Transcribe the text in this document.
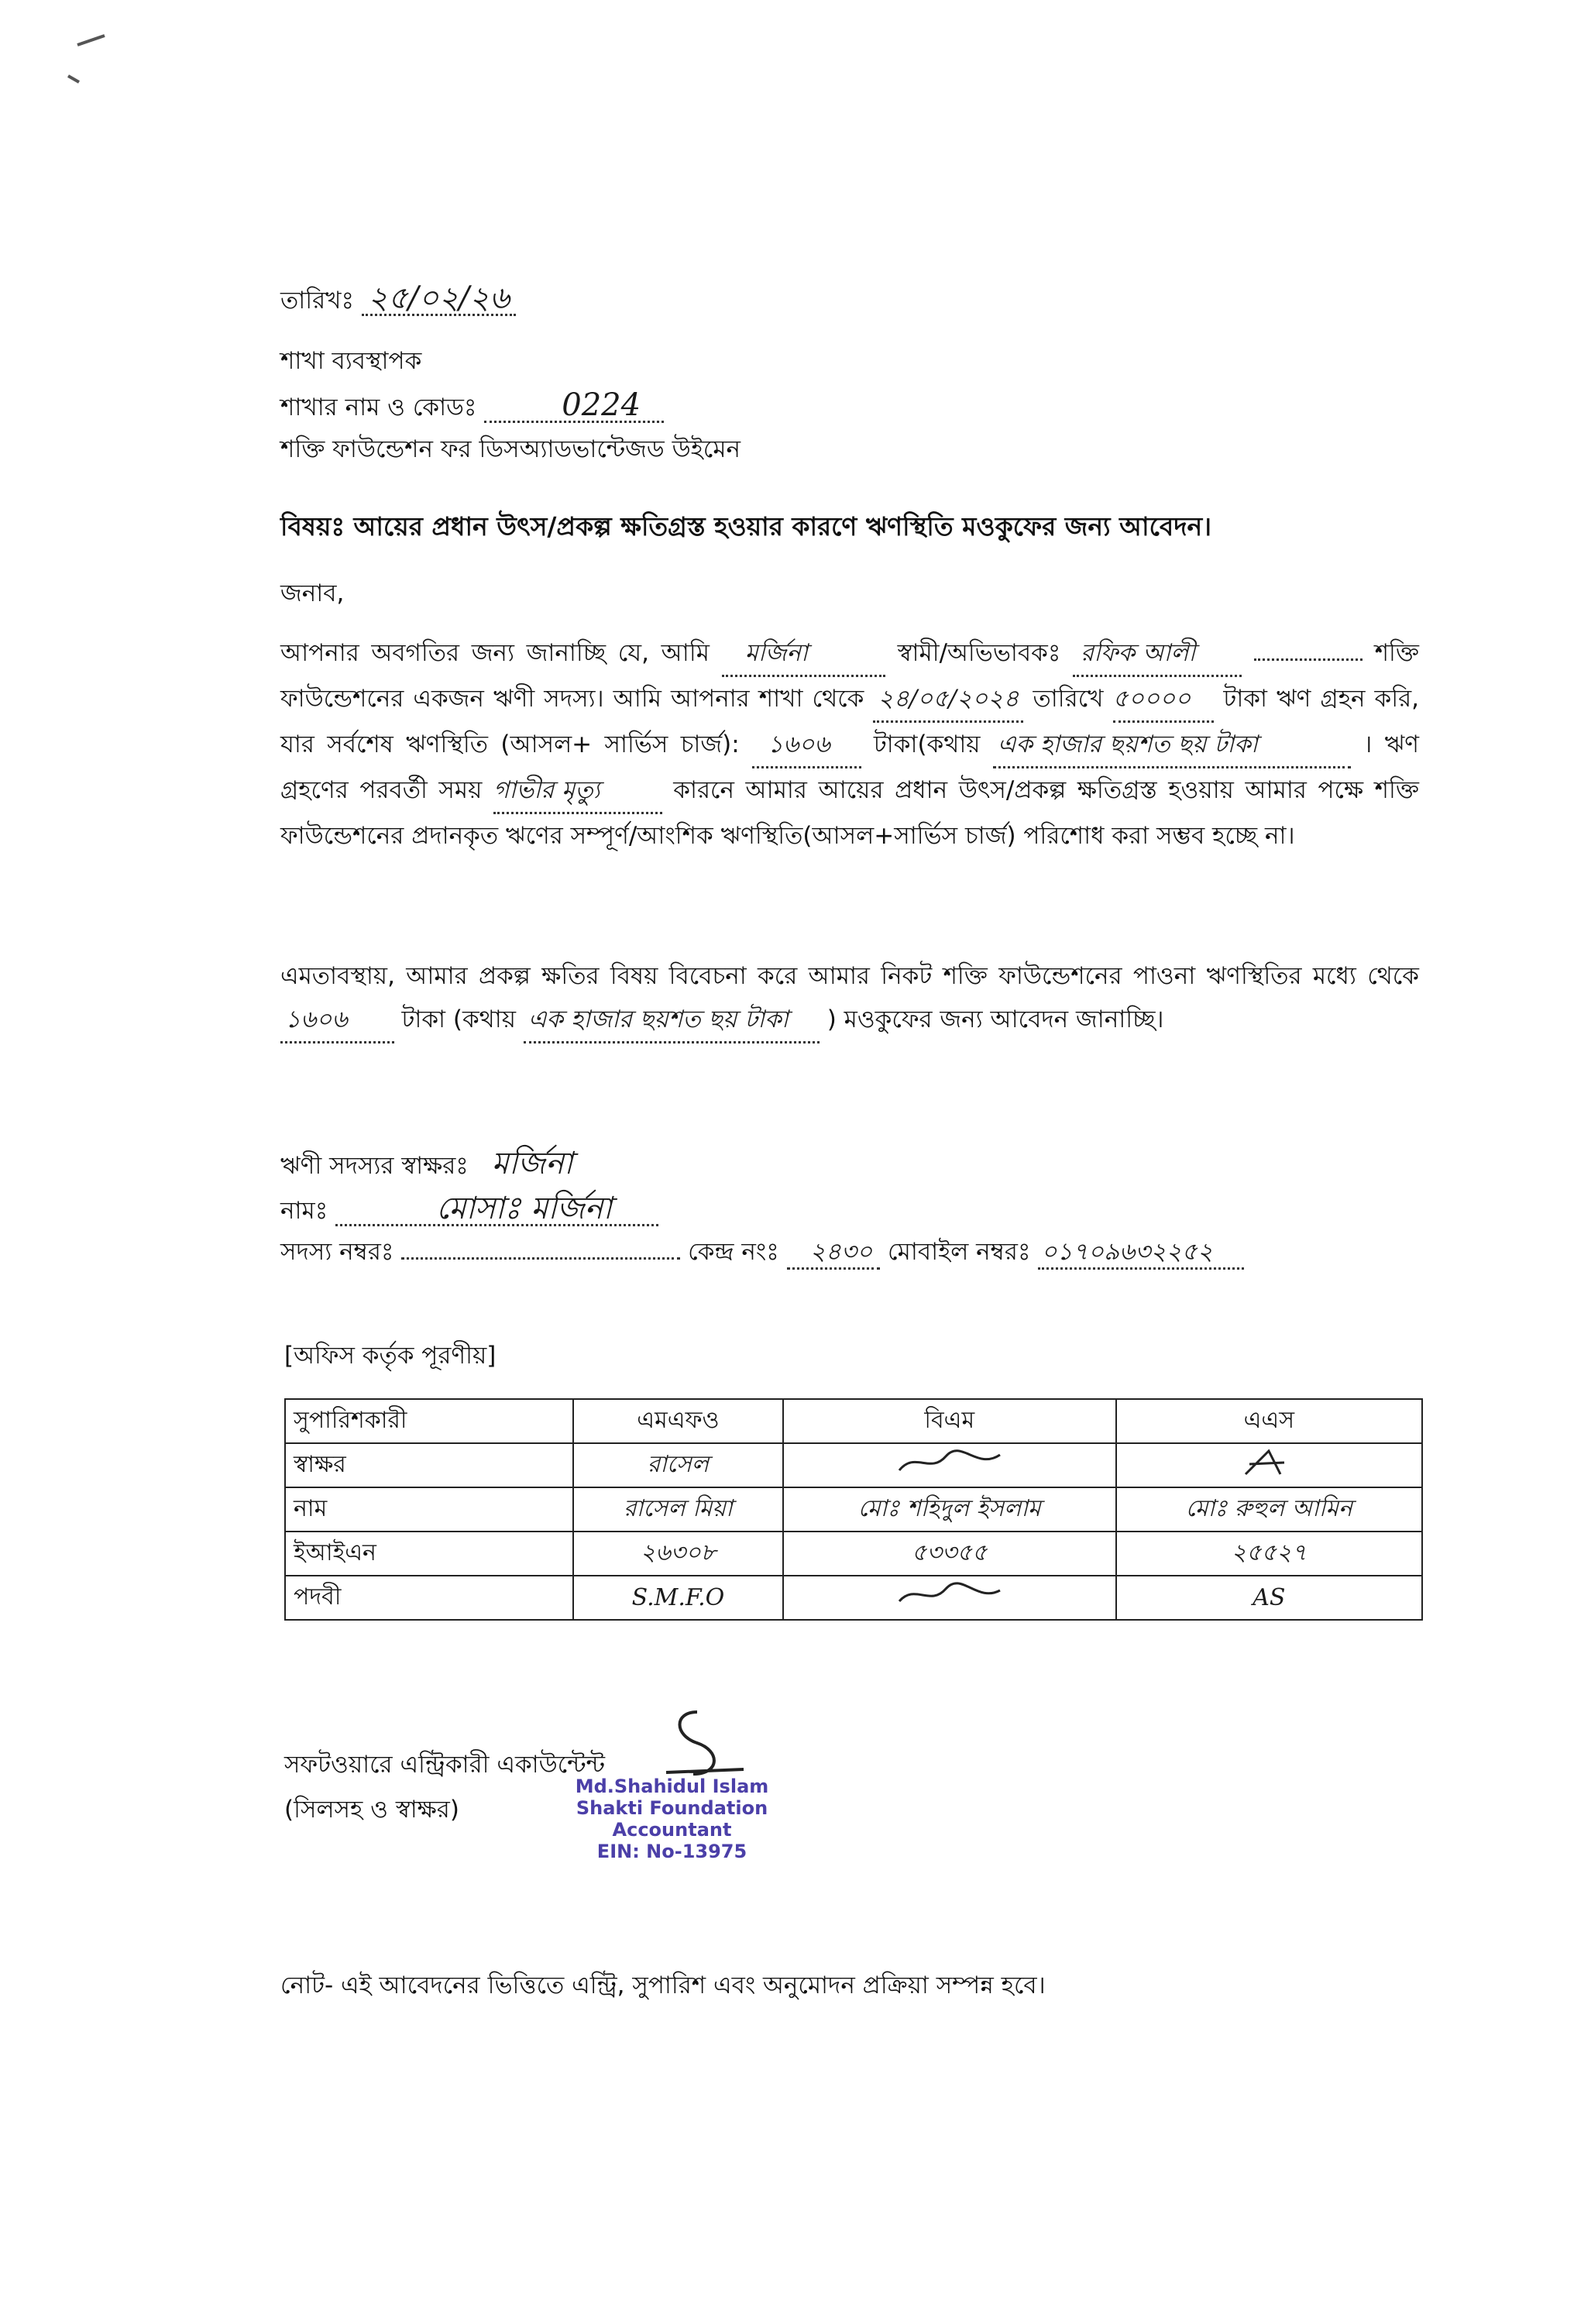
তারিখঃ ২৫/০২/২৬
শাখা ব্যবস্থাপক
শাখার নাম ও কোডঃ	0224
শক্তি ফাউন্ডেশন ফর ডিসঅ্যাডভান্টেজড উইমেন
বিষয়ঃ আয়ের প্রধান উৎস/প্রকল্প ক্ষতিগ্রস্ত হওয়ার কারণে ঋণস্থিতি মওকুফের জন্য আবেদন।
জনাব,
আপনার অবগতির জন্য জানাচ্ছি যে, আমি মর্জিনা	স্বামী/অভিভাবকঃ রফিক আলী	শক্তি ফাউন্ডেশনের একজন ঋণী সদস্য। আমি আপনার শাখা থেকে ২৪/০৫/২০২৪ তারিখে ৫০০০০ টাকা ঋণ গ্রহন করি, যার সর্বশেষ ঋণস্থিতি (আসল+ সার্ভিস চার্জ): ১৬০৬ টাকা(কথায় এক হাজার ছয়শত ছয় টাকা	। ঋণ গ্রহণের পরবর্তী সময় গাভীর মৃত্যু	কারনে আমার আয়ের প্রধান উৎস/প্রকল্প ক্ষতিগ্রস্ত হওয়ায় আমার পক্ষে শক্তি ফাউন্ডেশনের প্রদানকৃত ঋণের সম্পূর্ণ/আংশিক ঋণস্থিতি(আসল+সার্ভিস চার্জ) পরিশোধ করা সম্ভব হচ্ছে না।
এমতাবস্থায়, আমার প্রকল্প ক্ষতির বিষয় বিবেচনা করে আমার নিকট শক্তি ফাউন্ডেশনের পাওনা ঋণস্থিতির মধ্যে থেকে ১৬০৬ টাকা (কথায় এক হাজার ছয়শত ছয় টাকা ) মওকুফের জন্য আবেদন জানাচ্ছি।
ঋণী সদস্যর স্বাক্ষরঃ মর্জিনা
নামঃ	মোসাঃ মর্জিনা
সদস্য নম্বরঃ	কেন্দ্র নংঃ ২৪৩০ মোবাইল নম্বরঃ ০১৭০৯৬৩২২৫২
[অফিস কর্তৃক পূরণীয়]
সুপারিশকারী	এমএফও	বিএম	এএস
স্বাক্ষর	রাসেল		
নাম	রাসেল মিয়া	মোঃ শহিদুল ইসলাম	মোঃ রুহুল আমিন
ইআইএন	২৬৩০৮	৫৩৩৫৫	২৫৫২৭
পদবী	S.M.F.O		AS
সফটওয়ারে এন্ট্রিকারী একাউন্টেন্ট
(সিলসহ ও স্বাক্ষর)
Md.Shahidul Islam
Shakti Foundation
Accountant
EIN: No-13975
নোট- এই আবেদনের ভিত্তিতে এন্ট্রি, সুপারিশ এবং অনুমোদন প্রক্রিয়া সম্পন্ন হবে।
